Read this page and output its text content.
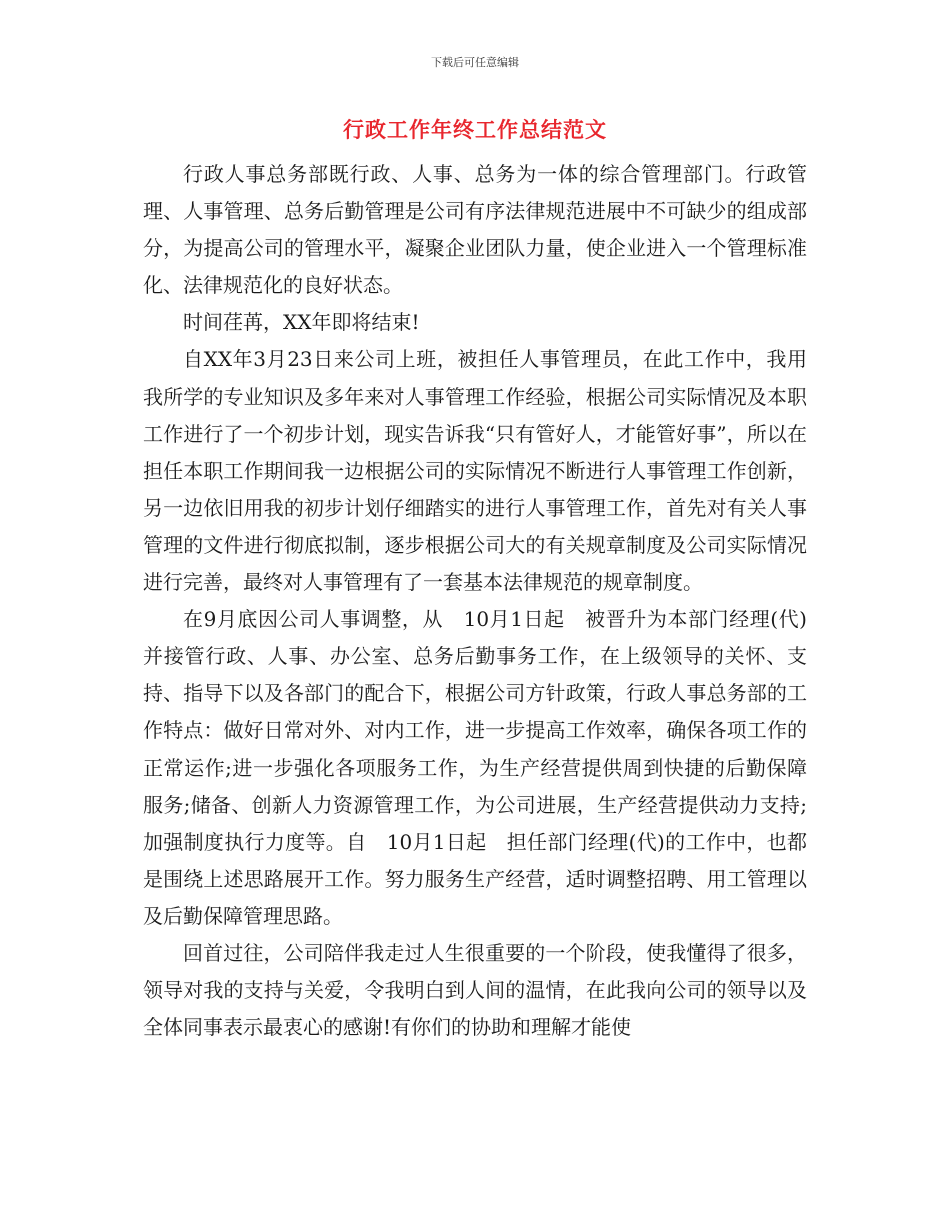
下载后可任意编辑
行政工作年终工作总结范文

行政人事总务部既行政、人事、总务为一体的综合管理部门。行政管理、人事管理、总务后勤管理是公司有序法律规范进展中不可缺少的组成部分，为提高公司的管理水平，凝聚企业团队力量，使企业进入一个管理标准化、法律规范化的良好状态。

时间荏苒，XX年即将结束!

自XX年3月23日来公司上班，被担任人事管理员，在此工作中，我用我所学的专业知识及多年来对人事管理工作经验，根据公司实际情况及本职工作进行了一个初步计划，现实告诉我“只有管好人，才能管好事”，所以在担任本职工作期间我一边根据公司的实际情况不断进行人事管理工作创新，另一边依旧用我的初步计划仔细踏实的进行人事管理工作，首先对有关人事管理的文件进行彻底拟制，逐步根据公司大的有关规章制度及公司实际情况进行完善，最终对人事管理有了一套基本法律规范的规章制度。

在9月底因公司人事调整，从　10月1日起　被晋升为本部门经理(代)并接管行政、人事、办公室、总务后勤事务工作，在上级领导的关怀、支持、指导下以及各部门的配合下，根据公司方针政策，行政人事总务部的工作特点：做好日常对外、对内工作，进一步提高工作效率，确保各项工作的正常运作;进一步强化各项服务工作，为生产经营提供周到快捷的后勤保障服务;储备、创新人力资源管理工作，为公司进展，生产经营提供动力支持;加强制度执行力度等。自　10月1日起　担任部门经理(代)的工作中，也都是围绕上述思路展开工作。努力服务生产经营，适时调整招聘、用工管理以及后勤保障管理思路。

回首过往，公司陪伴我走过人生很重要的一个阶段，使我懂得了很多，领导对我的支持与关爱，令我明白到人间的温情，在此我向公司的领导以及全体同事表示最衷心的感谢!有你们的协助和理解才能使
